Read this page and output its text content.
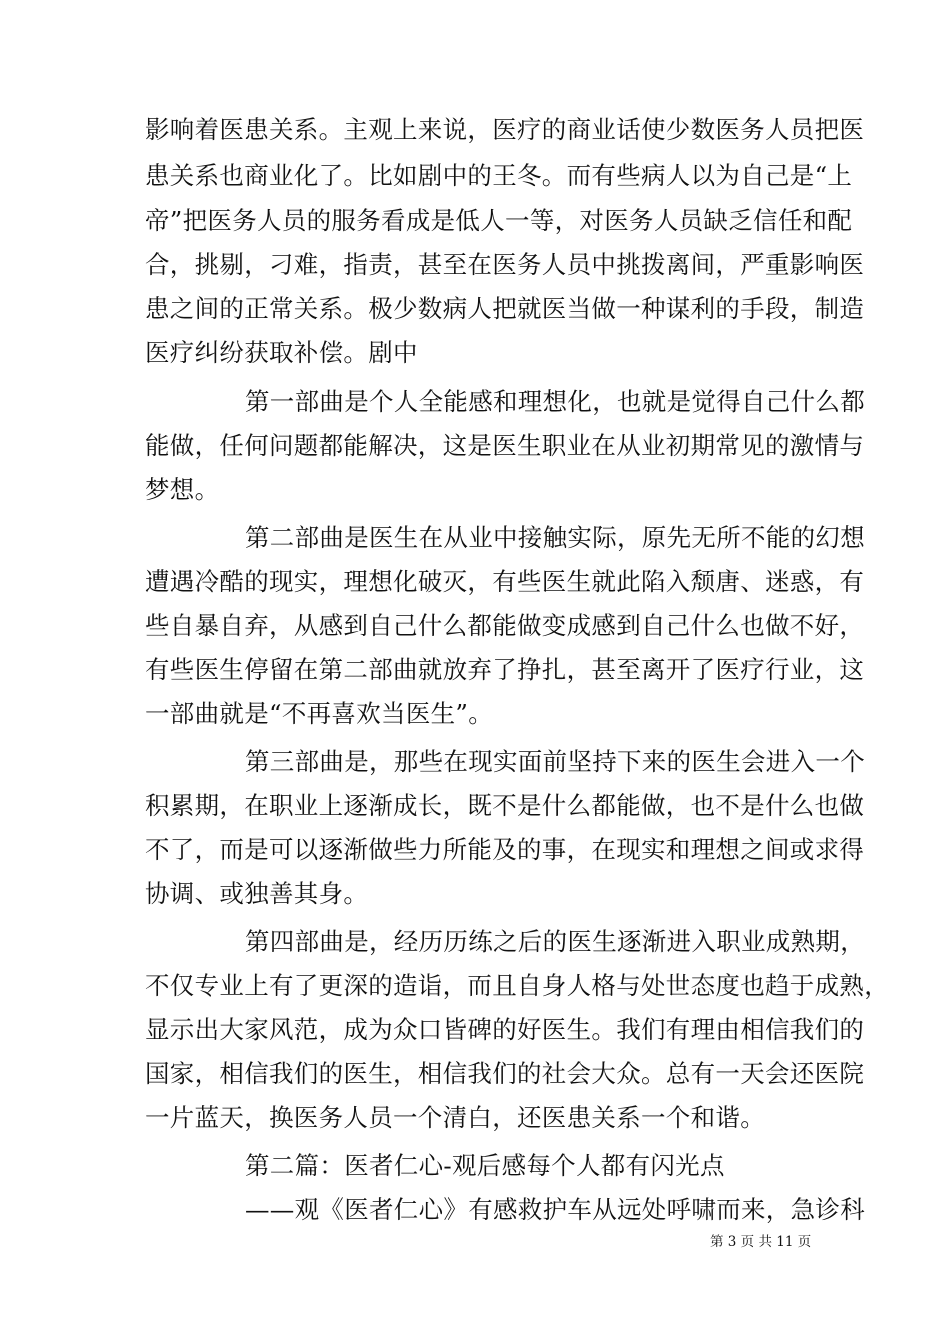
影响着医患关系。主观上来说，医疗的商业话使少数医务人员把医
患关系也商业化了。比如剧中的王冬。而有些病人以为自己是“上
帝”把医务人员的服务看成是低人一等，对医务人员缺乏信任和配
合，挑剔，刁难，指责，甚至在医务人员中挑拨离间，严重影响医
患之间的正常关系。极少数病人把就医当做一种谋利的手段，制造
医疗纠纷获取补偿。剧中
第一部曲是个人全能感和理想化，也就是觉得自己什么都
能做，任何问题都能解决，这是医生职业在从业初期常见的激情与
梦想。
第二部曲是医生在从业中接触实际，原先无所不能的幻想
遭遇冷酷的现实，理想化破灭，有些医生就此陷入颓唐、迷惑，有
些自暴自弃，从感到自己什么都能做变成感到自己什么也做不好，
有些医生停留在第二部曲就放弃了挣扎，甚至离开了医疗行业，这
一部曲就是“不再喜欢当医生”。
第三部曲是，那些在现实面前坚持下来的医生会进入一个
积累期，在职业上逐渐成长，既不是什么都能做，也不是什么也做
不了，而是可以逐渐做些力所能及的事，在现实和理想之间或求得
协调、或独善其身。
第四部曲是，经历历练之后的医生逐渐进入职业成熟期，
不仅专业上有了更深的造诣，而且自身人格与处世态度也趋于成熟，
显示出大家风范，成为众口皆碑的好医生。我们有理由相信我们的
国家，相信我们的医生，相信我们的社会大众。总有一天会还医院
一片蓝天，换医务人员一个清白，还医患关系一个和谐。
第二篇：医者仁心-观后感每个人都有闪光点
——观《医者仁心》有感救护车从远处呼啸而来，急诊科
第 3 页 共 11 页
